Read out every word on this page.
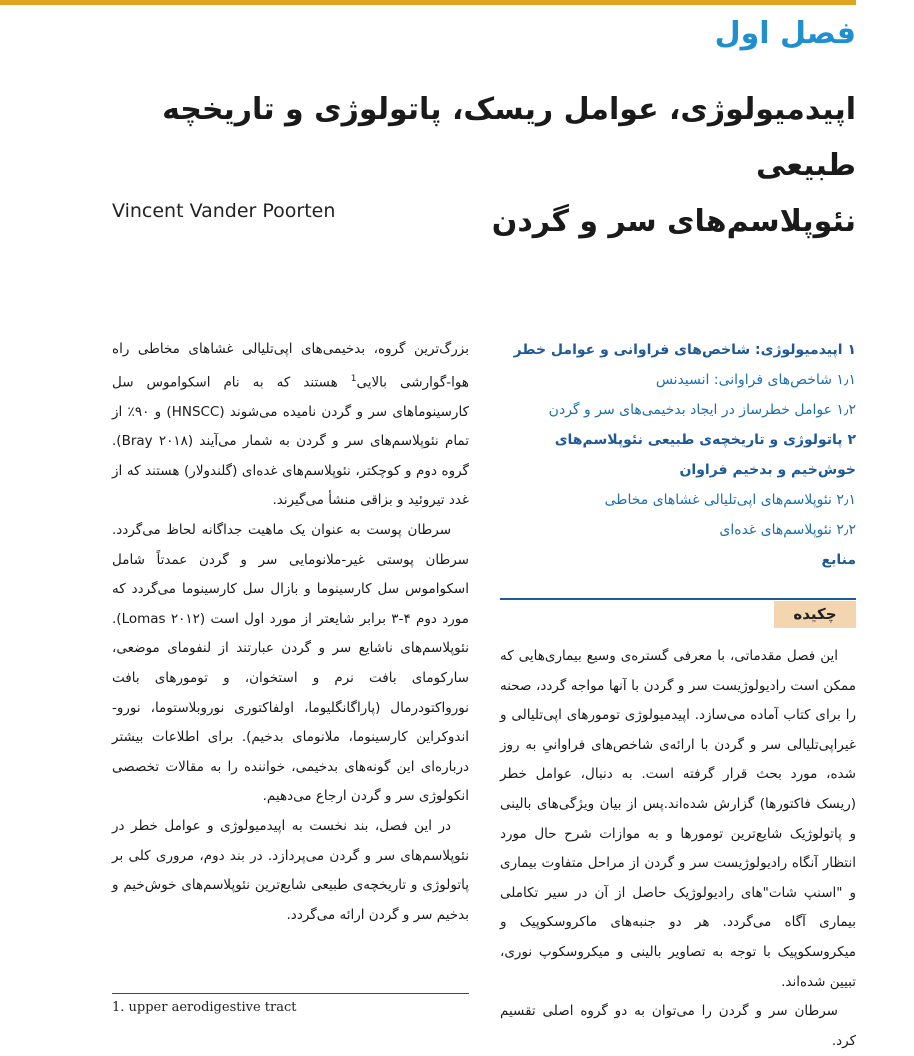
فصل اول
اپیدمیولوژی، عوامل ریسک، پاتولوژی و تاریخچه طبیعی
نئوپلاسم‌های سر و گردن
Vincent Vander Poorten

بزرگ‌ترین گروه، بدخیمی‌های اپی‌تلیالی غشاهای مخاطی راه هوا-گوارشی بالایی$^1$ هستند که به نام اسکواموس سل کارسینوماهای سر و گردن نامیده می‌شوند (HNSCC) و ۹۰٪ از تمام نئوپلاسم‌های سر و گردن به شمار می‌آیند (Bray ۲۰۱۸). گروه دوم و کوچکتر، نئوپلاسم‌های غده‌ای (گلندولار) هستند که از غدد تیروئید و بزاقی منشأ می‌گیرند.

سرطان پوست به عنوان یک ماهیت جداگانه لحاظ می‌گردد. سرطان پوستی غیر-ملانومایی سر و گردن عمدتاً شامل اسکواموس سل کارسینوما و بازال سل کارسینوما می‌گردد که مورد دوم ۴-۳ برابر شایعتر از مورد اول است (Lomas ۲۰۱۲). نئوپلاسم‌های ناشایع سر و گردن عبارتند از لنفومای موضعی، سارکومای بافت نرم و استخوان، و تومورهای بافت نورواکتودرمال (پاراگانگلیوما، اولفاکتوری نوروبلاستوما، نورو-اندوکراین کارسینوما، ملانومای بدخیم). برای اطلاعات بیشتر درباره‌ای این گونه‌های بدخیمی، خواننده را به مقالات تخصصی انکولوژی سر و گردن ارجاع می‌دهیم.

در این فصل، بند نخست به اپیدمیولوژی و عوامل خطر در نئوپلاسم‌های سر و گردن می‌پردازد. در بند دوم، مروری کلی بر پاتولوژی و تاریخچه‌ی طبیعی شایع‌ترین نئوپلاسم‌های خوش‌خیم و بدخیم سر و گردن ارائه می‌گردد.

1. upper aerodigestive tract
۱ اپیدمیولوژی: شاخص‌های فراوانی و عوامل خطر
۱٫۱ شاخص‌های فراوانی: انسیدنس
۱٫۲ عوامل خطرساز در ایجاد بدخیمی‌های سر و گردن
۲ پاتولوژی و تاریخچه‌ی طبیعی نئوپلاسم‌های خوش‌خیم و بدخیم فراوان
۲٫۱ نئوپلاسم‌های اپی‌تلیالی غشاهای مخاطی
۲٫۲ نئوپلاسم‌های غده‌ای
منابع
چکیده

این فصل مقدماتی، با معرفی گستره‌ی وسیع بیماری‌هایی که ممکن است رادیولوژیست سر و گردن با آنها مواجه گردد، صحنه را برای کتاب آماده می‌سازد. اپیدمیولوژی تومورهای اپی‌تلیالی و غیراپی‌تلیالی سر و گردن با ارائه‌ی شاخص‌های فراوانیِ به روز شده، مورد بحث قرار گرفته است. به دنبال، عوامل خطر (ریسک فاکتورها) گزارش شده‌اند.پس از بیان ویژگی‌های بالینی و پاتولوژیک شایع‌ترین تومورها و به موازات شرح حال مورد انتظار آنگاه رادیولوژیست سر و گردن از مراحل متفاوت بیماری و "اسنپ شات"های رادیولوژیک حاصل از آن در سیر تکاملی بیماری آگاه می‌گردد. هر دو جنبه‌های ماکروسکوپیک و میکروسکوپیک با توجه به تصاویر بالینی و میکروسکوپ نوری، تبیین شده‌اند.

سرطان سر و گردن را می‌توان به دو گروه اصلی تقسیم کرد.
